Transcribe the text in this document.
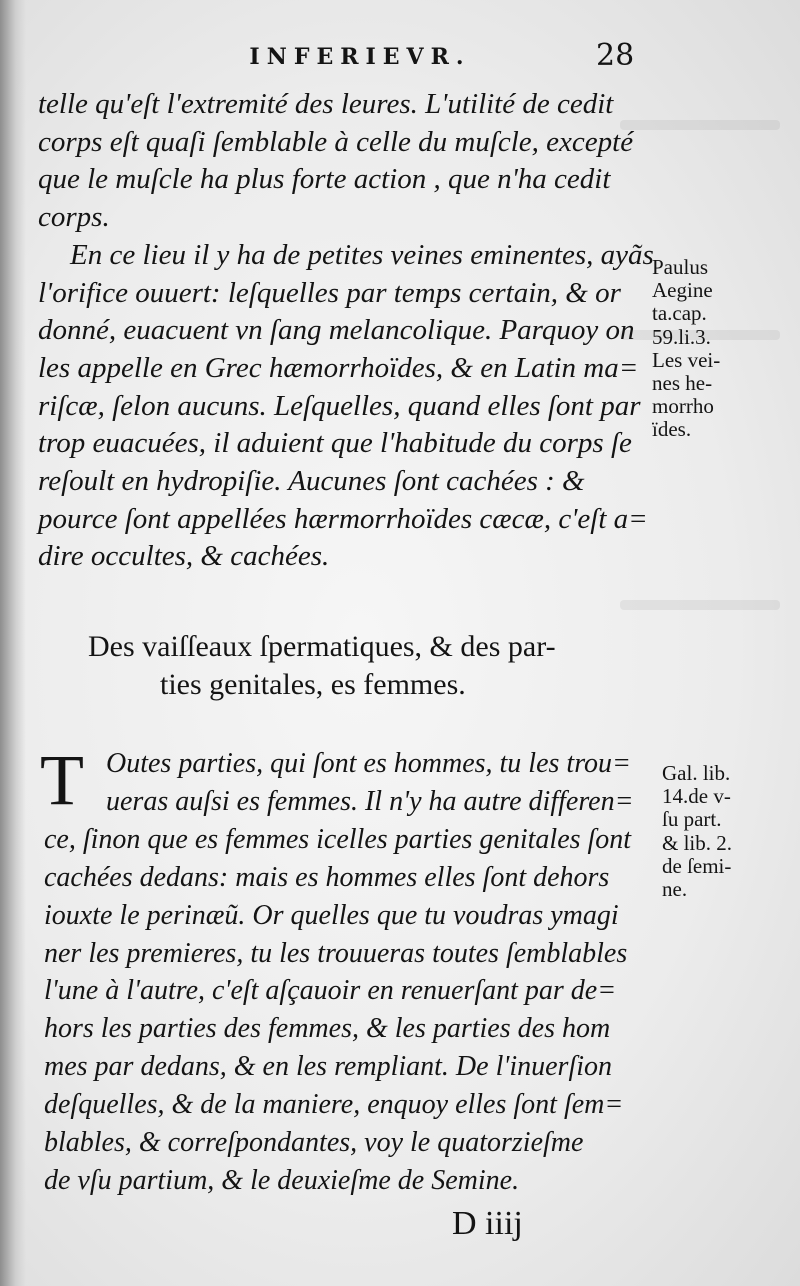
INFERIEVR.	28
telle qu'eſt l'extremité des leures. L'utilité de cedit
corps eſt quaſi ſemblable à celle du muſcle, excepté
que le muſcle ha plus forte action , que n'ha cedit
corps.
En ce lieu il y ha de petites veines eminentes, ayãs
l'orifice ouuert: leſquelles par temps certain, & or
donné, euacuent vn ſang melancolique. Parquoy on
les appelle en Grec hæmorrhoïdes, & en Latin ma=
riſcæ, ſelon aucuns. Leſquelles, quand elles ſont par
trop euacuées, il aduient que l'habitude du corps ſe
reſoult en hydropiſie. Aucunes ſont cachées : &
pource ſont appellées hærmorrhoïdes cæcæ, c'eſt a=
dire occultes, & cachées.
Paulus
Aegine
ta.cap.
59.li.3.
Les vei-
nes he-
morrho
ïdes.
Des vaiſſeaux ſpermatiques, & des par-
ties genitales, es femmes.
T Outes parties, qui ſont es hommes, tu les trou=
ueras auſsi es femmes. Il n'y ha autre differen=
ce, ſinon que es femmes icelles parties genitales ſont
cachées dedans: mais es hommes elles ſont dehors
iouxte le perinæũ. Or quelles que tu voudras ymagi
ner les premieres, tu les trouueras toutes ſemblables
l'une à l'autre, c'eſt aſçauoir en renuerſant par de=
hors les parties des femmes, & les parties des hom
mes par dedans, & en les rempliant. De l'inuerſion
deſquelles, & de la maniere, enquoy elles ſont ſem=
blables, & correſpondantes, voy le quatorzieſme
de vſu partium, & le deuxieſme de Semine.
Gal. lib.
14.de v-
ſu part.
& lib. 2.
de ſemi-
ne.
D iiij
